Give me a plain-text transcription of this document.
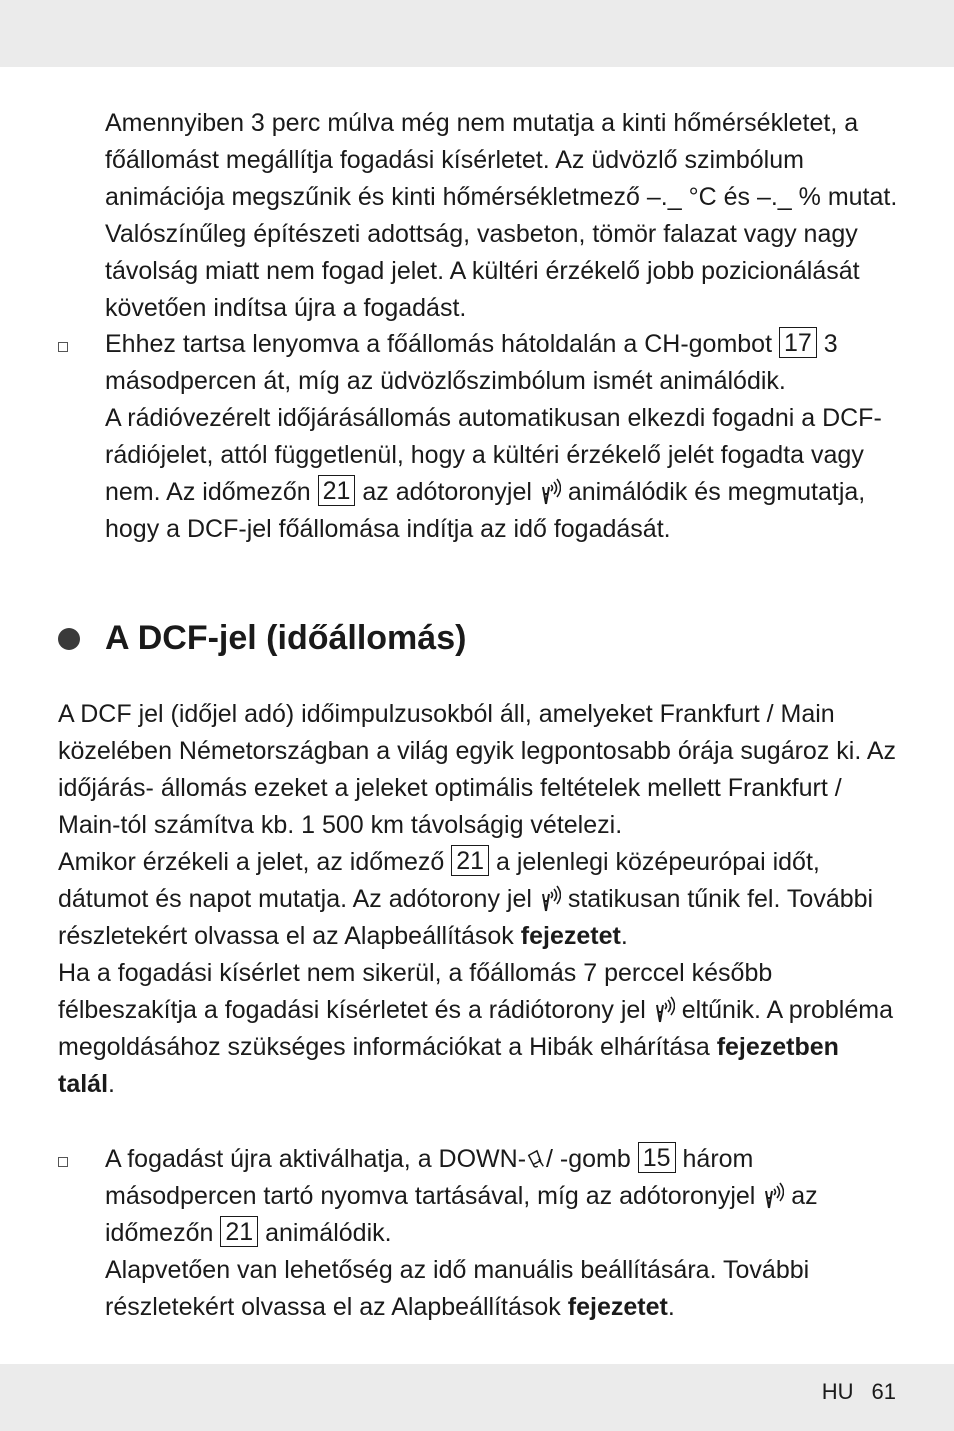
Amennyiben 3 perc múlva még nem mutatja a kinti hőmérsékletet, a főállomást megállítja fogadási kísérletet. Az üdvözlő szimbólum animációja megszűnik és kinti hőmérsékletmező –._ °C és –._ % mutat. Valószínűleg építészeti adottság, vasbeton, tömör falazat vagy nagy távolság miatt nem fogad jelet. A kültéri érzékelő jobb pozicionálását követően indítsa újra a fogadást.

Ehhez tartsa lenyomva a főállomás hátoldalán a CH-gombot 17 3 másodpercen át, míg az üdvözlőszimbólum ismét animálódik.
A rádióvezérelt időjárásállomás automatikusan elkezdi fogadni a DCF-rádiójelet, attól függetlenül, hogy a kültéri érzékelő jelét fogadta vagy nem. Az időmezőn 21 az adótoronyjel animálódik és megmutatja, hogy a DCF-jel főállomása indítja az idő fogadását.

A DCF-jel (időállomás)

A DCF jel (időjel adó) időimpulzusokból áll, amelyeket Frankfurt / Main közelében Németországban a világ egyik legpontosabb órája sugároz ki. Az időjárás- állomás ezeket a jeleket optimális feltételek mellett Frankfurt / Main-tól számítva kb. 1 500 km távolságig vételezi.
Amikor érzékeli a jelet, az időmező 21 a jelenlegi középeurópai időt, dátumot és napot mutatja. Az adótorony jel statikusan tűnik fel. További részletekért olvassa el az Alapbeállítások fejezetet.
Ha a fogadási kísérlet nem sikerül, a főállomás 7 perccel később félbeszakítja a fogadási kísérletet és a rádiótorony jel eltűnik. A probléma megoldásához szükséges információkat a Hibák elhárítása fejezetben talál.

A fogadást újra aktiválhatja, a DOWN- / -gomb 15 három másodpercen tartó nyomva tartásával, míg az adótoronyjel az időmezőn 21 animálódik.
Alapvetően van lehetőség az idő manuális beállítására. További részletekért olvassa el az Alapbeállítások fejezetet.

HU 61
